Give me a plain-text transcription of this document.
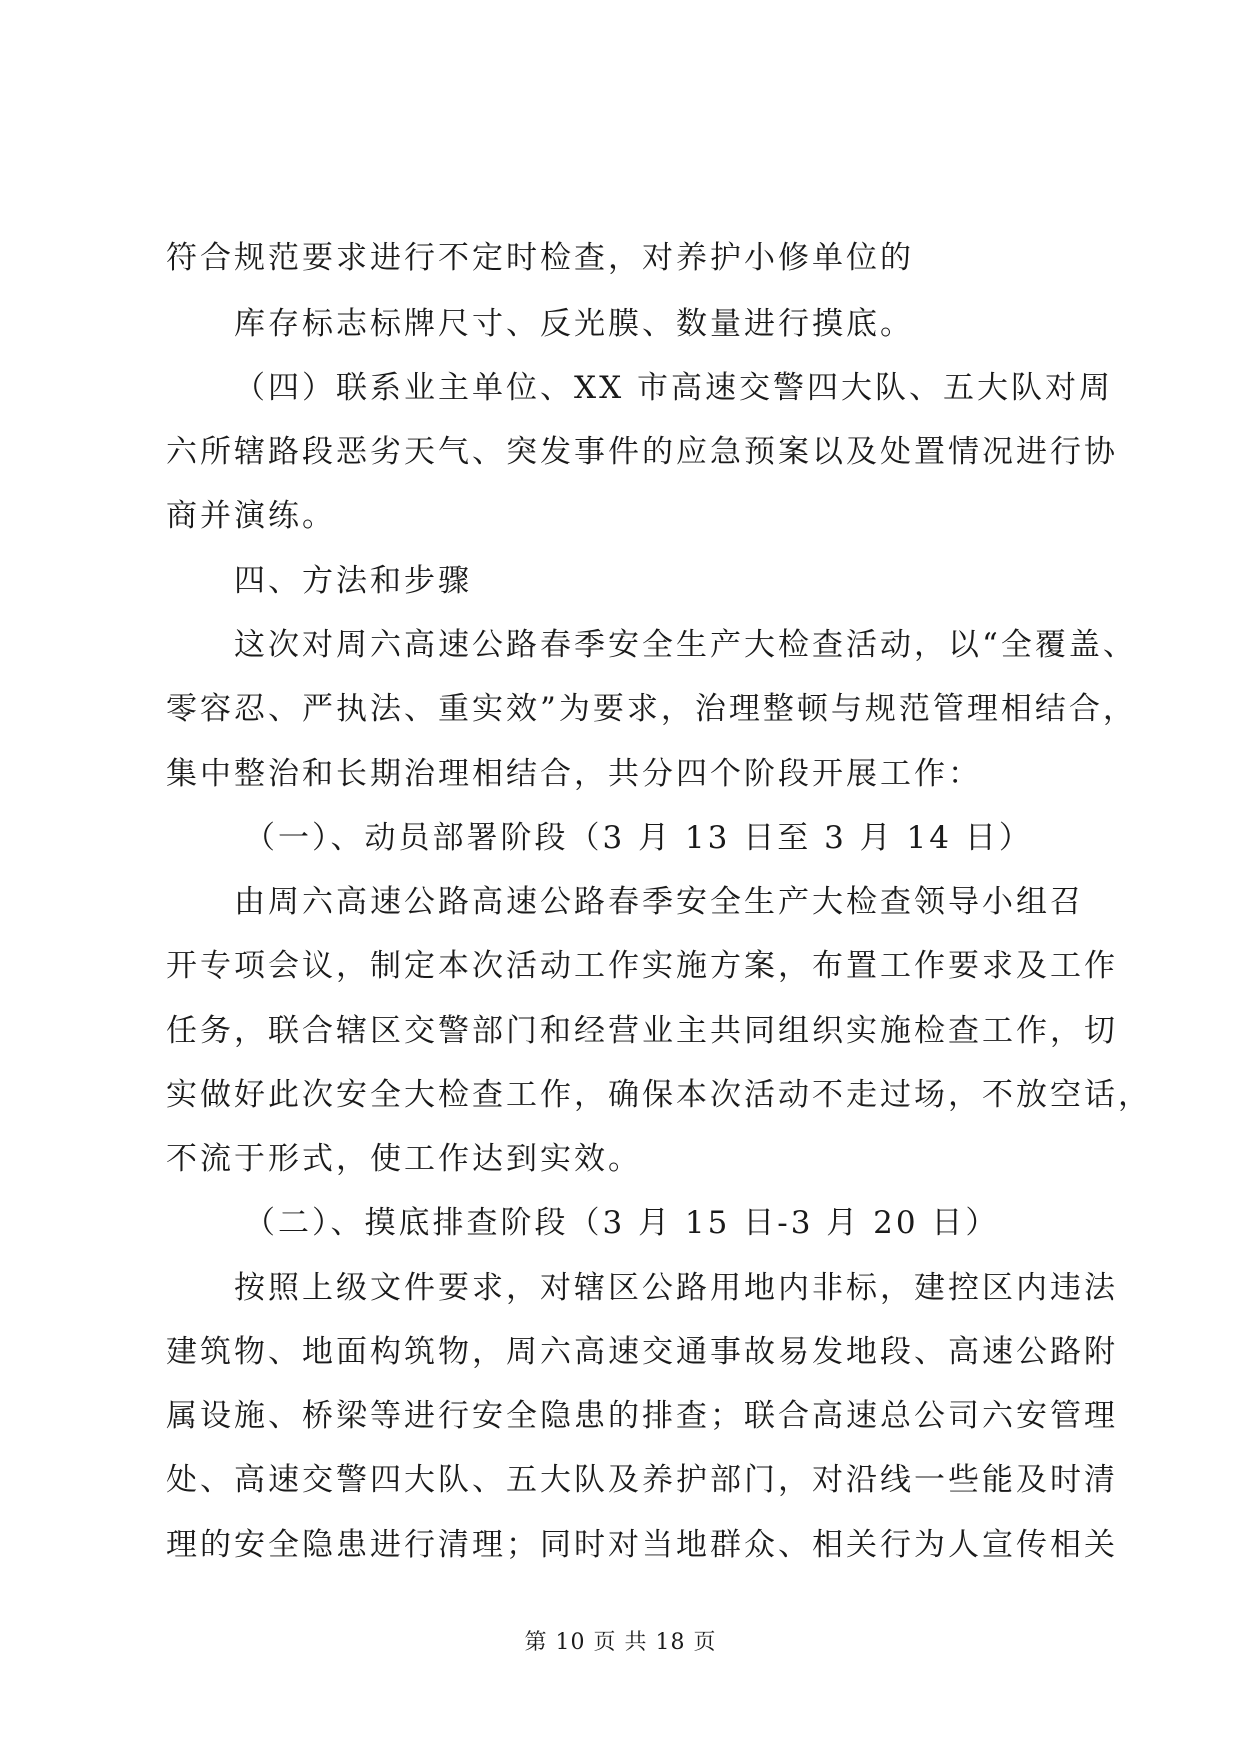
符合规范要求进行不定时检查，对养护小修单位的
库存标志标牌尺寸、反光膜、数量进行摸底。
（四）联系业主单位、XX 市高速交警四大队、五大队对周
六所辖路段恶劣天气、突发事件的应急预案以及处置情况进行协
商并演练。
四、方法和步骤
这次对周六高速公路春季安全生产大检查活动，以“全覆盖、
零容忍、严执法、重实效”为要求，治理整顿与规范管理相结合，
集中整治和长期治理相结合，共分四个阶段开展工作：
（一）、动员部署阶段（3 月 13 日至 3 月 14 日）
由周六高速公路高速公路春季安全生产大检查领导小组召
开专项会议，制定本次活动工作实施方案，布置工作要求及工作
任务，联合辖区交警部门和经营业主共同组织实施检查工作，切
实做好此次安全大检查工作，确保本次活动不走过场，不放空话，
不流于形式，使工作达到实效。
（二）、摸底排查阶段（3 月 15 日-3 月 20 日）
按照上级文件要求，对辖区公路用地内非标，建控区内违法
建筑物、地面构筑物，周六高速交通事故易发地段、高速公路附
属设施、桥梁等进行安全隐患的排查；联合高速总公司六安管理
处、高速交警四大队、五大队及养护部门，对沿线一些能及时清
理的安全隐患进行清理；同时对当地群众、相关行为人宣传相关
第 10 页 共 18 页
